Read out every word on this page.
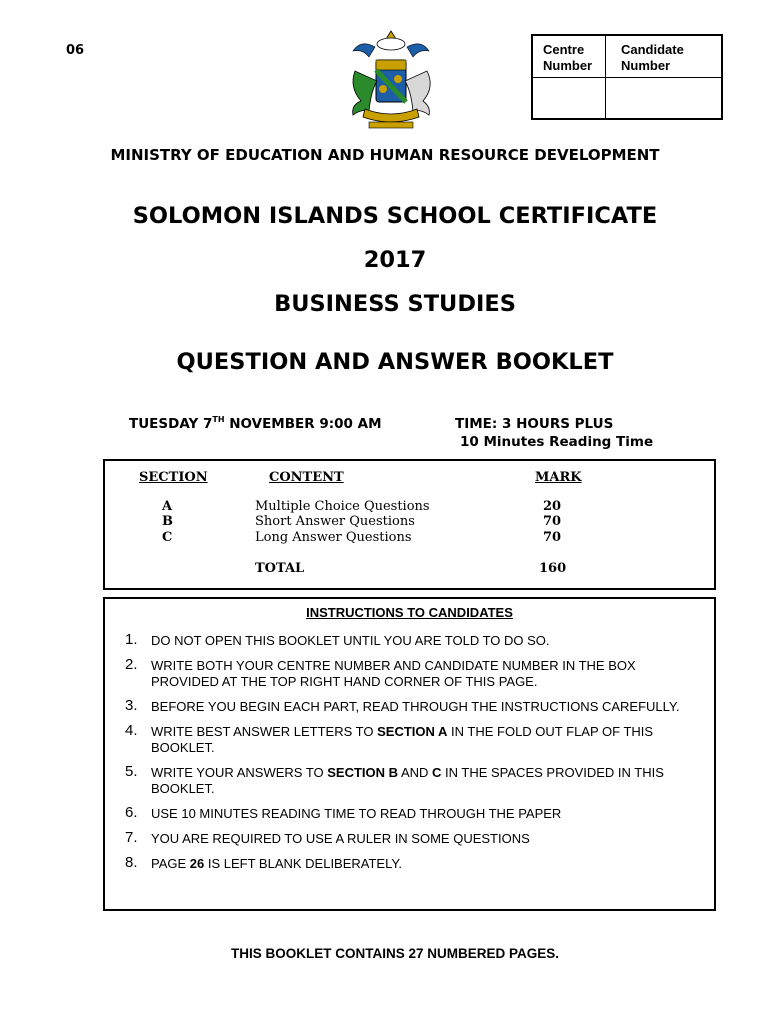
06	Centre
Number
Candidate
Number
MINISTRY OF EDUCATION AND HUMAN RESOURCE DEVELOPMENT
SOLOMON ISLANDS SCHOOL CERTIFICATE
2017
BUSINESS STUDIES
QUESTION AND ANSWER BOOKLET
TUESDAY 7TH NOVEMBER 9:00 AM	TIME: 3 HOURS PLUS
10 Minutes Reading Time
SECTION	CONTENT	MARK
A	Multiple Choice Questions	20
B	Short Answer Questions	70
C	Long Answer Questions	70
TOTAL	160
INSTRUCTIONS TO CANDIDATES
1. DO NOT OPEN THIS BOOKLET UNTIL YOU ARE TOLD TO DO SO.
2. WRITE BOTH YOUR CENTRE NUMBER AND CANDIDATE NUMBER IN THE BOX PROVIDED AT THE TOP RIGHT HAND CORNER OF THIS PAGE.
3. BEFORE YOU BEGIN EACH PART, READ THROUGH THE INSTRUCTIONS CAREFULLY.
4. WRITE BEST ANSWER LETTERS TO SECTION A IN THE FOLD OUT FLAP OF THIS BOOKLET.
5. WRITE YOUR ANSWERS TO SECTION B AND C IN THE SPACES PROVIDED IN THIS BOOKLET.
6. USE 10 MINUTES READING TIME TO READ THROUGH THE PAPER
7. YOU ARE REQUIRED TO USE A RULER IN SOME QUESTIONS
8. PAGE 26 IS LEFT BLANK DELIBERATELY.
THIS BOOKLET CONTAINS 27 NUMBERED PAGES.
